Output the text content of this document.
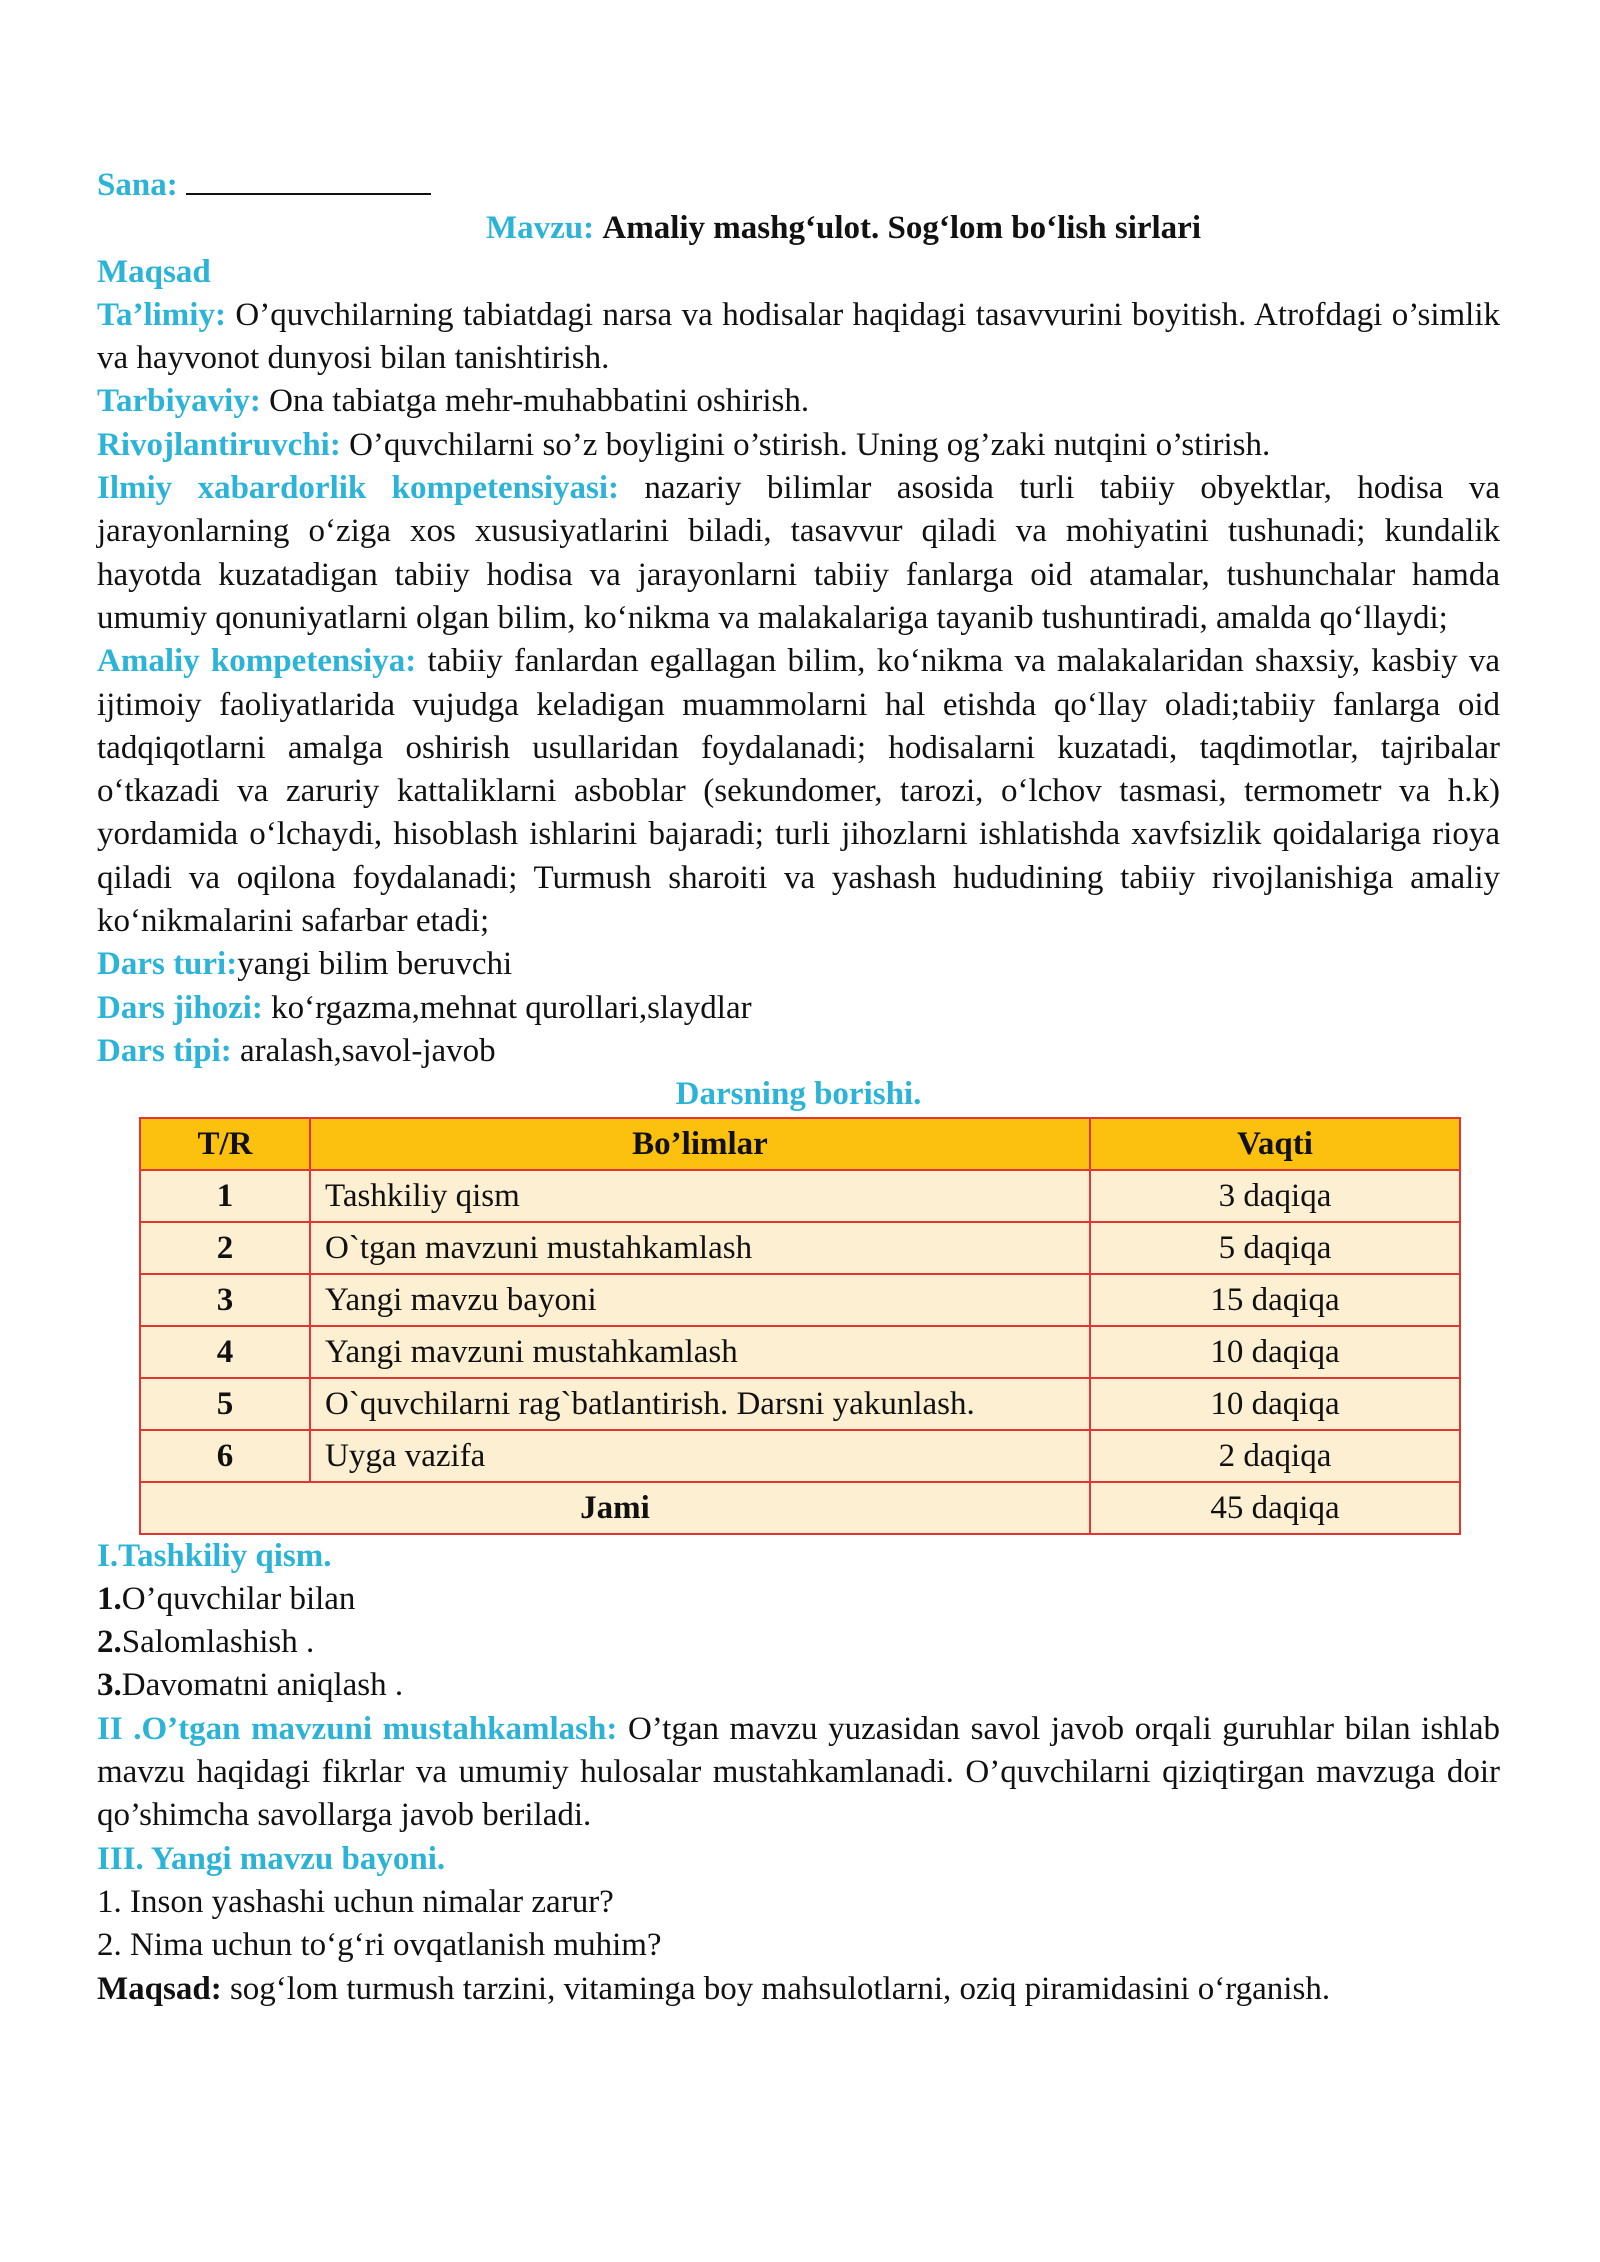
Sana:

Mavzu: Amaliy mashg‘ulot. Sog‘lom bo‘lish sirlari

Maqsad

Ta’limiy: O’quvchilarning tabiatdagi narsa va hodisalar haqidagi tasavvurini boyitish. Atrofdagi o’simlik va hayvonot dunyosi bilan tanishtirish.

Tarbiyaviy: Ona tabiatga mehr-muhabbatini oshirish.

Rivojlantiruvchi: O’quvchilarni so’z boyligini o’stirish. Uning og’zaki nutqini o’stirish.

Ilmiy xabardorlik kompetensiyasi: nazariy bilimlar asosida turli tabiiy obyektlar, hodisa va jarayonlarning o‘ziga xos xususiyatlarini biladi, tasavvur qiladi va mohiyatini tushunadi; kundalik hayotda kuzatadigan tabiiy hodisa va jarayonlarni tabiiy fanlarga oid atamalar, tushunchalar hamda umumiy qonuniyatlarni olgan bilim, ko‘nikma va malakalariga tayanib tushuntiradi, amalda qo‘llaydi;

Amaliy kompetensiya: tabiiy fanlardan egallagan bilim, ko‘nikma va malakalaridan shaxsiy, kasbiy va ijtimoiy faoliyatlarida vujudga keladigan muammolarni hal etishda qo‘llay oladi;tabiiy fanlarga oid tadqiqotlarni amalga oshirish usullaridan foydalanadi; hodisalarni kuzatadi, taqdimotlar, tajribalar o‘tkazadi va zaruriy kattaliklarni asboblar (sekundomer, tarozi, o‘lchov tasmasi, termometr va h.k) yordamida o‘lchaydi, hisoblash ishlarini bajaradi; turli jihozlarni ishlatishda xavfsizlik qoidalariga rioya qiladi va oqilona foydalanadi; Turmush sharoiti va yashash hududining tabiiy rivojlanishiga amaliy ko‘nikmalarini safarbar etadi;

Dars turi:yangi bilim beruvchi

Dars jihozi: ko‘rgazma,mehnat qurollari,slaydlar

Dars tipi: aralash,savol-javob

Darsning borishi.

T/R	Bo’limlar	Vaqti
1	Tashkiliy qism	3 daqiqa
2	O`tgan mavzuni mustahkamlash	5 daqiqa
3	Yangi mavzu bayoni	15 daqiqa
4	Yangi mavzuni mustahkamlash	10 daqiqa
5	O`quvchilarni rag`batlantirish. Darsni yakunlash.	10 daqiqa
6	Uyga vazifa	2 daqiqa
Jami		45 daqiqa

I.Tashkiliy qism.

1.O’quvchilar bilan

2.Salomlashish .

3.Davomatni aniqlash .

II .O’tgan mavzuni mustahkamlash: O’tgan mavzu yuzasidan savol javob orqali guruhlar bilan ishlab mavzu haqidagi fikrlar va umumiy hulosalar mustahkamlanadi. O’quvchilarni qiziqtirgan mavzuga doir qo’shimcha savollarga javob beriladi.

III. Yangi mavzu bayoni.

1. Inson yashashi uchun nimalar zarur?

2. Nima uchun to‘g‘ri ovqatlanish muhim?

Maqsad: sog‘lom turmush tarzini, vitaminga boy mahsulotlarni, oziq piramidasini o‘rganish.
